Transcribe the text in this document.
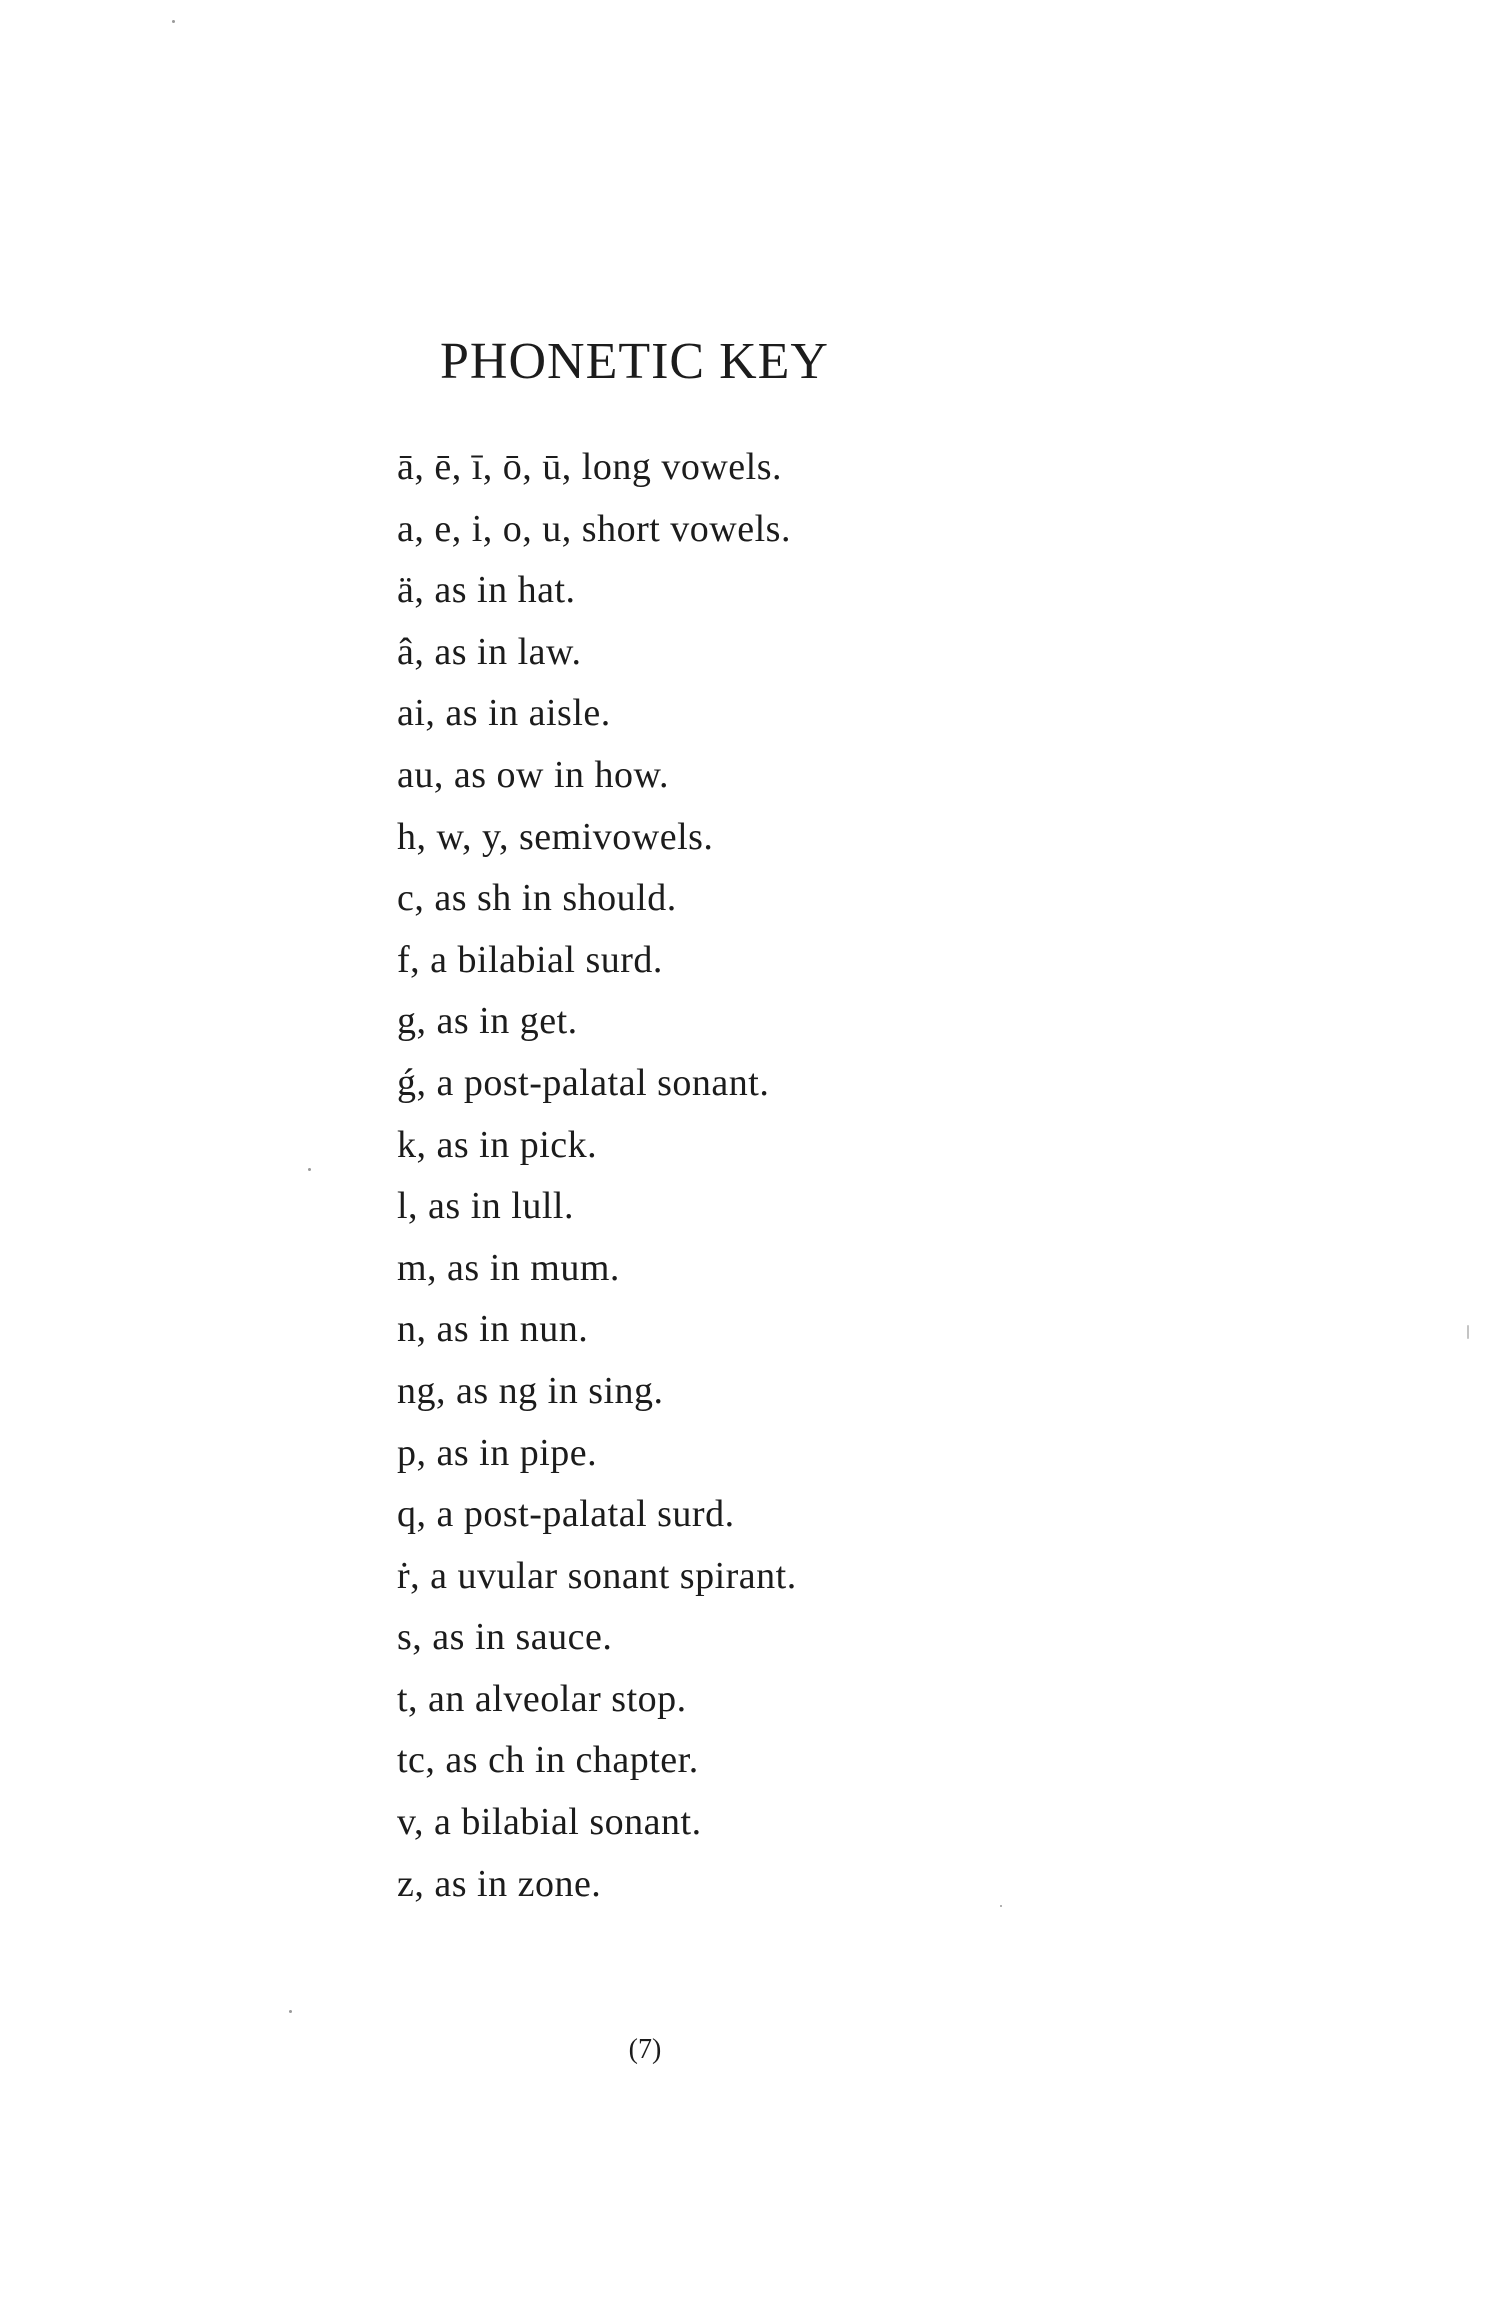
PHONETIC KEY
ā, ē, ī, ō, ū, long vowels.
a, e, i, o, u, short vowels.
ä, as in hat.
â, as in law.
ai, as in aisle.
au, as ow in how.
h, w, y, semivowels.
c, as sh in should.
f, a bilabial surd.
g, as in get.
ǵ, a post-palatal sonant.
k, as in pick.
l, as in lull.
m, as in mum.
n, as in nun.
ng, as ng in sing.
p, as in pipe.
q, a post-palatal surd.
ṙ, a uvular sonant spirant.
s, as in sauce.
t, an alveolar stop.
tc, as ch in chapter.
v, a bilabial sonant.
z, as in zone.
(7)
